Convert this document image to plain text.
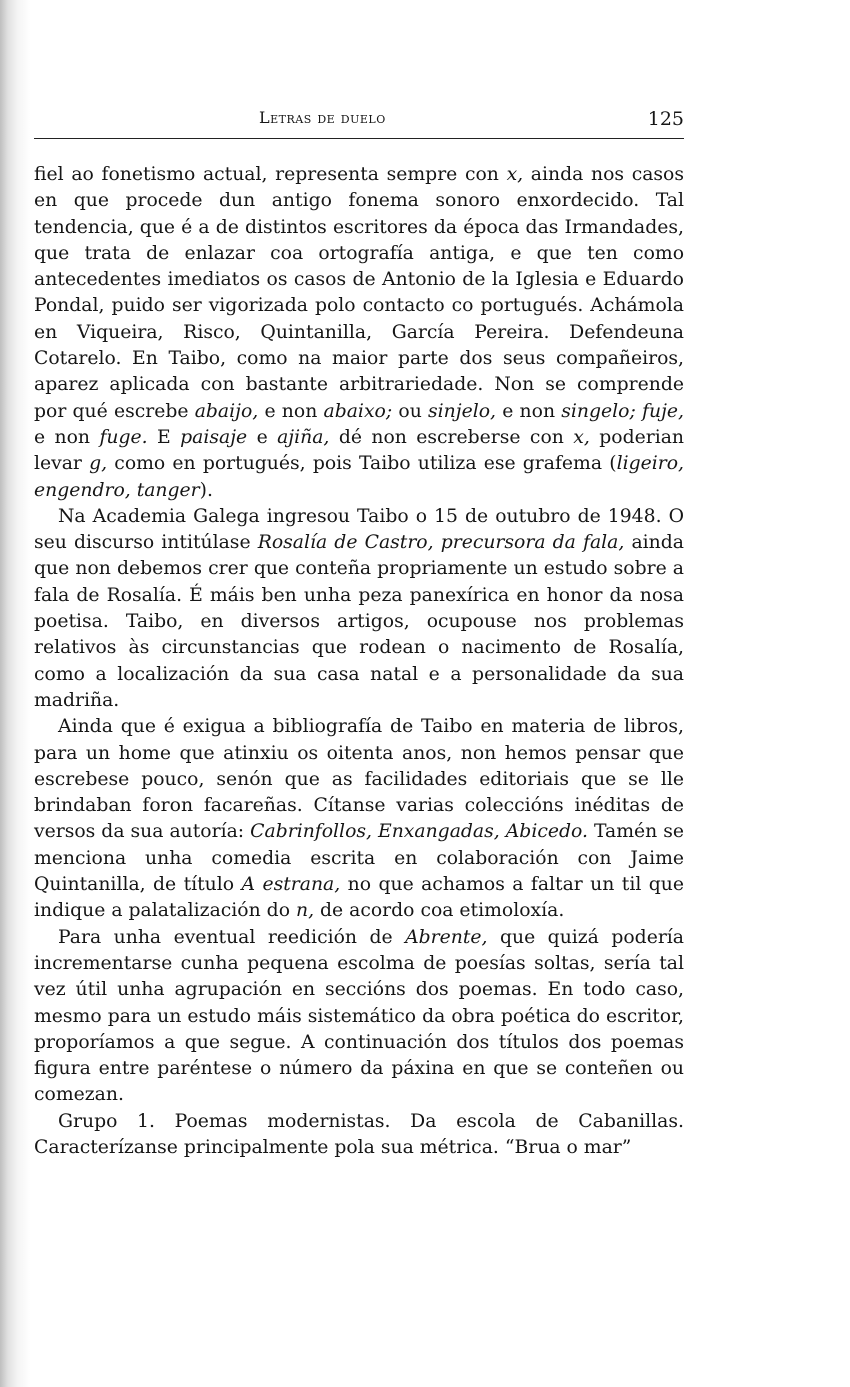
Letras de duelo	125

fiel ao fonetismo actual, representa sempre con x, ainda nos casos en que procede dun antigo fonema sonoro enxordecido. Tal tendencia, que é a de distintos escritores da época das Irmandades, que trata de enlazar coa ortografía antiga, e que ten como antecedentes imediatos os casos de Antonio de la Iglesia e Eduardo Pondal, puido ser vigorizada polo contacto co portugués. Achámola en Viqueira, Risco, Quintanilla, García Pereira. Defendeuna Cotarelo. En Taibo, como na maior parte dos seus compañeiros, aparez aplicada con bastante arbitrariedade. Non se comprende por qué escrebe abaijo, e non abaixo; ou sinjelo, e non singelo; fuje, e non fuge. E paisaje e ajiña, dé non escreberse con x, poderian levar g, como en portugués, pois Taibo utiliza ese grafema (ligeiro, engendro, tanger).

Na Academia Galega ingresou Taibo o 15 de outubro de 1948. O seu discurso intitúlase Rosalía de Castro, precursora da fala, ainda que non debemos crer que conteña propriamente un estudo sobre a fala de Rosalía. É máis ben unha peza panexírica en honor da nosa poetisa. Taibo, en diversos artigos, ocupouse nos problemas relativos às circunstancias que rodean o nacimento de Rosalía, como a localización da sua casa natal e a personalidade da sua madriña.

Ainda que é exigua a bibliografía de Taibo en materia de libros, para un home que atinxiu os oitenta anos, non hemos pensar que escrebese pouco, senón que as facilidades editoriais que se lle brindaban foron facareñas. Cítanse varias coleccións inéditas de versos da sua autoría: Cabrinfollos, Enxangadas, Abicedo. Tamén se menciona unha comedia escrita en colaboración con Jaime Quintanilla, de título A estrana, no que achamos a faltar un til que indique a palatalización do n, de acordo coa etimoloxía.

Para unha eventual reedición de Abrente, que quizá podería incrementarse cunha pequena escolma de poesías soltas, sería tal vez útil unha agrupación en seccións dos poemas. En todo caso, mesmo para un estudo máis sistemático da obra poética do escritor, proporíamos a que segue. A continuación dos títulos dos poemas figura entre paréntese o número da páxina en que se conteñen ou comezan.

Grupo 1. Poemas modernistas. Da escola de Cabanillas. Caracterízanse principalmente pola sua métrica. “Brua o mar”
